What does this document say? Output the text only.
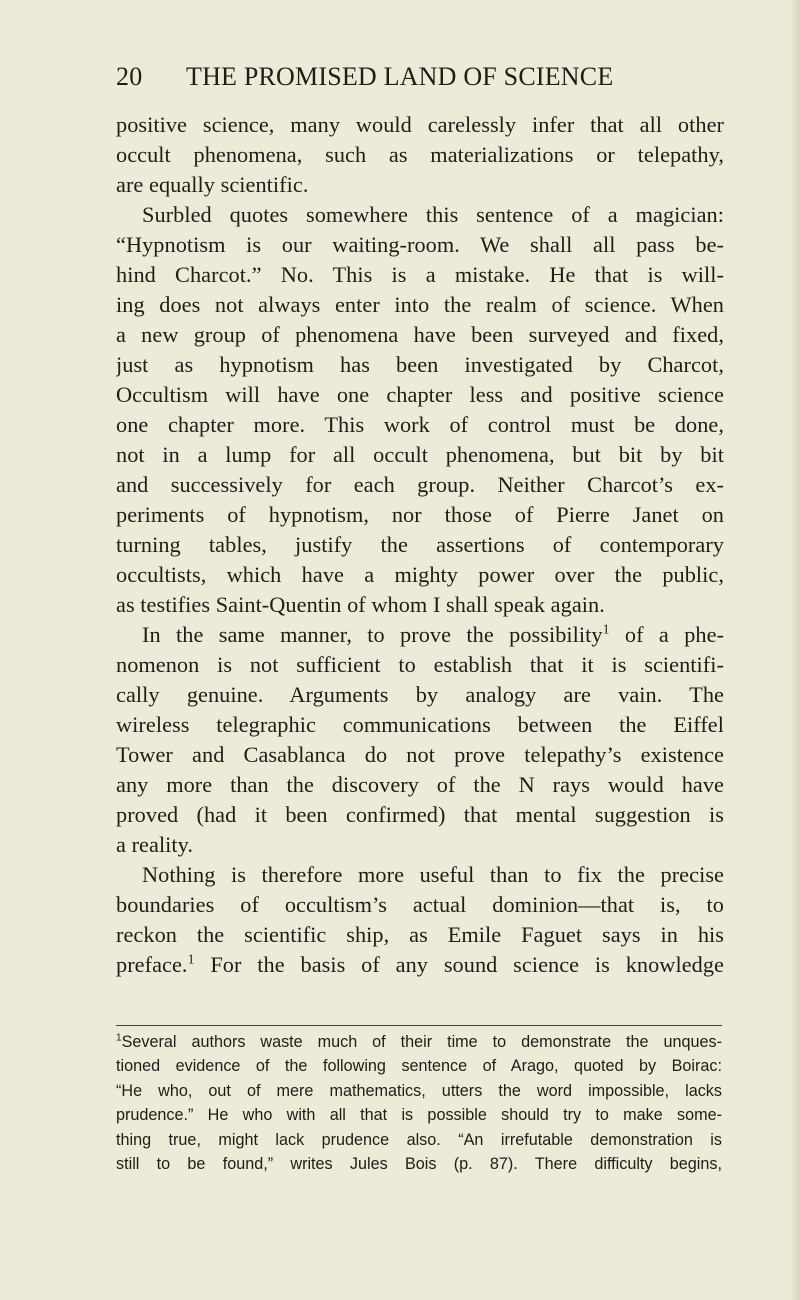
20 THE PROMISED LAND OF SCIENCE

positive science, many would carelessly infer that all other
occult phenomena, such as materializations or telepathy,
are equally scientific.

Surbled quotes somewhere this sentence of a magician:
“Hypnotism is our waiting-room. We shall all pass be-
hind Charcot.” No. This is a mistake. He that is will-
ing does not always enter into the realm of science. When
a new group of phenomena have been surveyed and fixed,
just as hypnotism has been investigated by Charcot,
Occultism will have one chapter less and positive science
one chapter more. This work of control must be done,
not in a lump for all occult phenomena, but bit by bit
and successively for each group. Neither Charcot’s ex-
periments of hypnotism, nor those of Pierre Janet on
turning tables, justify the assertions of contemporary
occultists, which have a mighty power over the public,
as testifies Saint-Quentin of whom I shall speak again.

In the same manner, to prove the possibility$^1$ of a phe-
nomenon is not sufficient to establish that it is scientifi-
cally genuine. Arguments by analogy are vain. The
wireless telegraphic communications between the Eiffel
Tower and Casablanca do not prove telepathy’s existence
any more than the discovery of the N rays would have
proved (had it been confirmed) that mental suggestion is
a reality.

Nothing is therefore more useful than to fix the precise
boundaries of occultism’s actual dominion—that is, to
reckon the scientific ship, as Emile Faguet says in his
preface.$^1$ For the basis of any sound science is knowledge

$^1$Several authors waste much of their time to demonstrate the unques-
tioned evidence of the following sentence of Arago, quoted by Boirac:
“He who, out of mere mathematics, utters the word impossible, lacks
prudence.” He who with all that is possible should try to make some-
thing true, might lack prudence also. “An irrefutable demonstration is
still to be found,” writes Jules Bois (p. 87). There difficulty begins,
